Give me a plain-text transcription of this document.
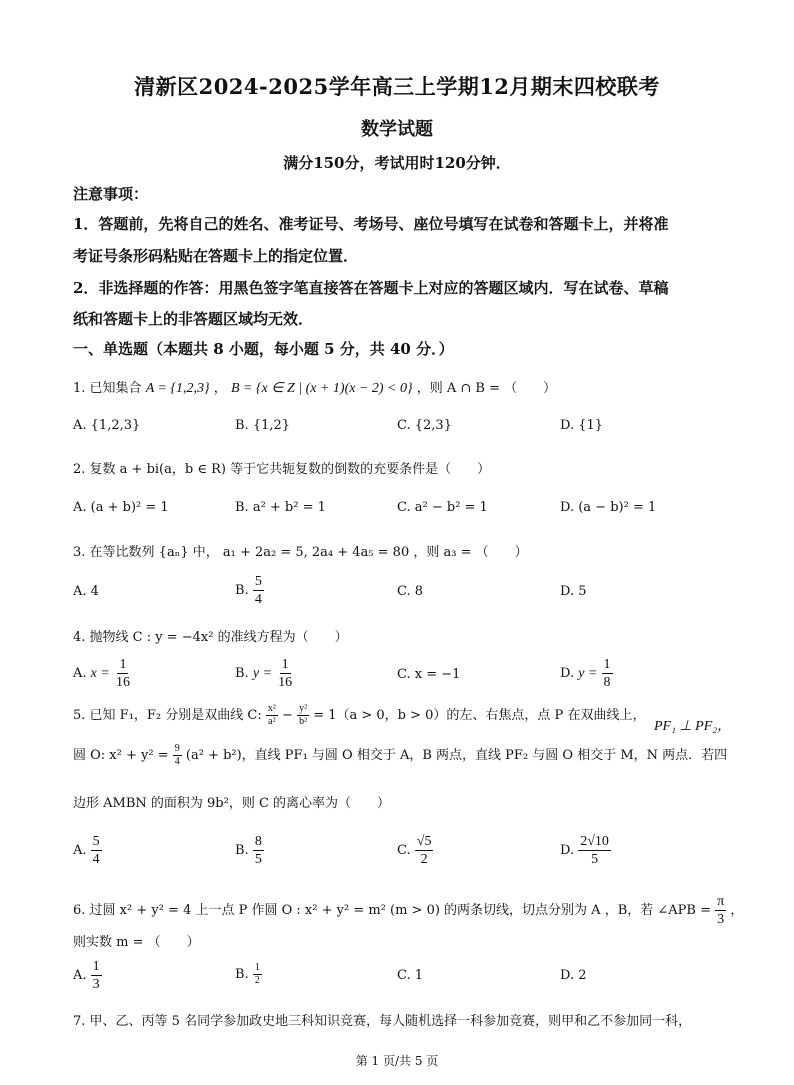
清新区2024-2025学年高三上学期12月期末四校联考
数学试题
满分150分，考试用时120分钟．
注意事项：
1．答题前，先将自己的姓名、准考证号、考场号、座位号填写在试卷和答题卡上，并将准
考证号条形码粘贴在答题卡上的指定位置．
2．非选择题的作答：用黑色签字笔直接答在答题卡上对应的答题区域内．写在试卷、草稿
纸和答题卡上的非答题区域均无效．
一、单选题（本题共 8 小题，每小题 5 分，共 40 分．）
1. 已知集合 A = {1,2,3} ， B = {x ∈ Z | (x + 1)(x − 2) < 0} ，则 A ∩ B = （　　）
A. {1,2,3}	B. {1,2}	C. {2,3}	D. {1}
2. 复数 a + bi(a，b ∈ R) 等于它共轭复数的倒数的充要条件是（　　）
A. (a + b)² = 1	B. a² + b² = 1	C. a² − b² = 1	D. (a − b)² = 1
3. 在等比数列 {aₙ} 中， a₁ + 2a₂ = 5, 2a₄ + 4a₅ = 80 ，则 a₃ = （　　）
A. 4	B. $\frac{5}{4}$	C. 8	D. 5
4. 抛物线 C : y = −4x² 的准线方程为（　　）
A. $x = \frac{1}{16}$	B. $y = \frac{1}{16}$	C. x = −1	D. $y = \frac{1}{8}$
5. 已知 F₁，F₂ 分别是双曲线 C: $\frac{\text{x²}}{\text{a²}} - \frac{\text{y²}}{\text{b²}} = 1(a > 0$，b > 0）的左、右焦点，点 P 在双曲线上，
PF₁ ⊥ PF₂，
圆 O: $x^2 + y^2 = \frac{9}{4} (a^2 + b^2)$，直线 PF₁ 与圆 O 相交于 A，B 两点，直线 PF₂ 与圆 O 相交于 M，N 两点．若四
边形 AMBN 的面积为 9b²，则 C 的离心率为（　　）
A. $\frac{5}{4}$	B. $\frac{8}{5}$	C. $\frac{√5}{2}$	D. $\frac{2√10}{5}$
6. 过圆 x² + y² = 4 上一点 P 作圆 O : x² + y² = m² (m > 0) 的两条切线，切点分别为 A ，B，若 ∠APB = $\frac{\pi}{3}$ ，
则实数 m = （　　）
A. $\frac{1}{3}$	B. $\frac{1}{2}$	C. 1	D. 2
7. 甲、乙、丙等 5 名同学参加政史地三科知识竞赛，每人随机选择一科参加竞赛，则甲和乙不参加同一科，
第 1 页/共 5 页
